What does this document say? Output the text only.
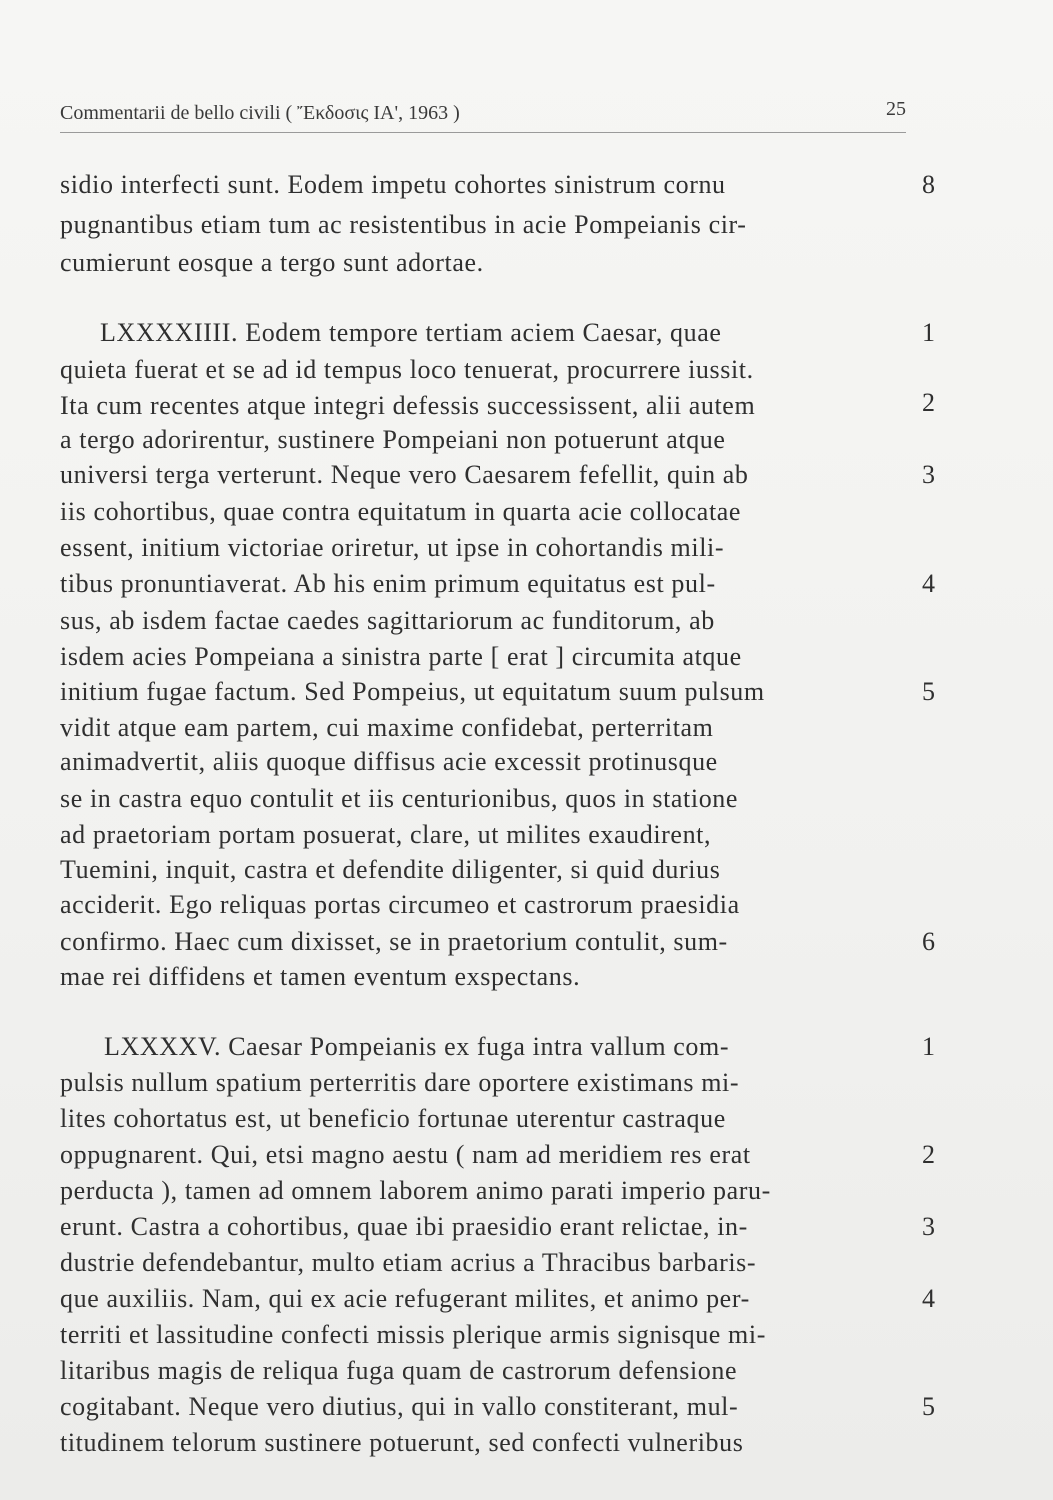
Commentarii de bello civili ( Ἔκδοσις ΙΑ', 1963 )	25
sidio interfecti sunt. Eodem impetu cohortes sinistrum cornu
pugnantibus etiam tum ac resistentibus in acie Pompeianis cir-
cumierunt eosque a tergo sunt adortae.
LXXXXIIII. Eodem tempore tertiam aciem Caesar, quae
quieta fuerat et se ad id tempus loco tenuerat, procurrere iussit.
Ita cum recentes atque integri defessis successissent, alii autem
a tergo adorirentur, sustinere Pompeiani non potuerunt atque
universi terga verterunt. Neque vero Caesarem fefellit, quin ab
iis cohortibus, quae contra equitatum in quarta acie collocatae
essent, initium victoriae oriretur, ut ipse in cohortandis mili-
tibus pronuntiaverat. Ab his enim primum equitatus est pul-
sus, ab isdem factae caedes sagittariorum ac funditorum, ab
isdem acies Pompeiana a sinistra parte [ erat ] circumita atque
initium fugae factum. Sed Pompeius, ut equitatum suum pulsum
vidit atque eam partem, cui maxime confidebat, perterritam
animadvertit, aliis quoque diffisus acie excessit protinusque
se in castra equo contulit et iis centurionibus, quos in statione
ad praetoriam portam posuerat, clare, ut milites exaudirent,
Tuemini, inquit, castra et defendite diligenter, si quid durius
acciderit. Ego reliquas portas circumeo et castrorum praesidia
confirmo. Haec cum dixisset, se in praetorium contulit, sum-
mae rei diffidens et tamen eventum exspectans.
LXXXXV. Caesar Pompeianis ex fuga intra vallum com-
pulsis nullum spatium perterritis dare oportere existimans mi-
lites cohortatus est, ut beneficio fortunae uterentur castraque
oppugnarent. Qui, etsi magno aestu ( nam ad meridiem res erat
perducta ), tamen ad omnem laborem animo parati imperio paru-
erunt. Castra a cohortibus, quae ibi praesidio erant relictae, in-
dustrie defendebantur, multo etiam acrius a Thracibus barbaris-
que auxiliis. Nam, qui ex acie refugerant milites, et animo per-
territi et lassitudine confecti missis plerique armis signisque mi-
litaribus magis de reliqua fuga quam de castrorum defensione
cogitabant. Neque vero diutius, qui in vallo constiterant, mul-
titudinem telorum sustinere potuerunt, sed confecti vulneribus
8
1
2
3
4
5
6
1
2
3
4
5
